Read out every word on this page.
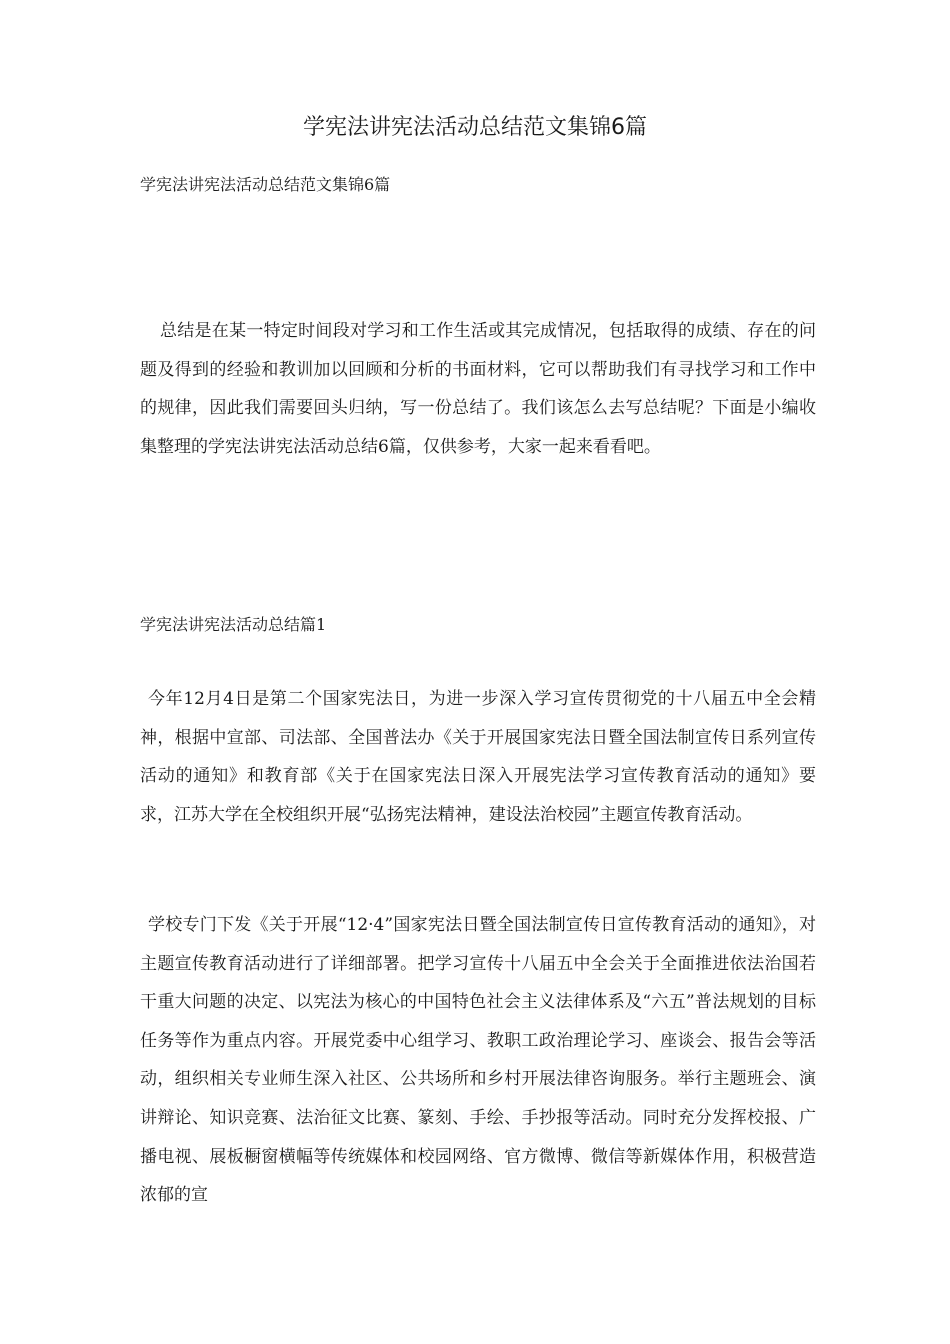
学宪法讲宪法活动总结范文集锦6篇

学宪法讲宪法活动总结范文集锦6篇

总结是在某一特定时间段对学习和工作生活或其完成情况，包括取得的成绩、存在的问题及得到的经验和教训加以回顾和分析的书面材料，它可以帮助我们有寻找学习和工作中的规律，因此我们需要回头归纳，写一份总结了。我们该怎么去写总结呢？下面是小编收集整理的学宪法讲宪法活动总结6篇，仅供参考，大家一起来看看吧。

学宪法讲宪法活动总结篇1

今年12月4日是第二个国家宪法日，为进一步深入学习宣传贯彻党的十八届五中全会精神，根据中宣部、司法部、全国普法办《关于开展国家宪法日暨全国法制宣传日系列宣传活动的通知》和教育部《关于在国家宪法日深入开展宪法学习宣传教育活动的通知》要求，江苏大学在全校组织开展“弘扬宪法精神，建设法治校园”主题宣传教育活动。

学校专门下发《关于开展“12·4”国家宪法日暨全国法制宣传日宣传教育活动的通知》，对主题宣传教育活动进行了详细部署。把学习宣传十八届五中全会关于全面推进依法治国若干重大问题的决定、以宪法为核心的中国特色社会主义法律体系及“六五”普法规划的目标任务等作为重点内容。开展党委中心组学习、教职工政治理论学习、座谈会、报告会等活动，组织相关专业师生深入社区、公共场所和乡村开展法律咨询服务。举行主题班会、演讲辩论、知识竞赛、法治征文比赛、篆刻、手绘、手抄报等活动。同时充分发挥校报、广播电视、展板橱窗横幅等传统媒体和校园网络、官方微博、微信等新媒体作用，积极营造浓郁的宣
